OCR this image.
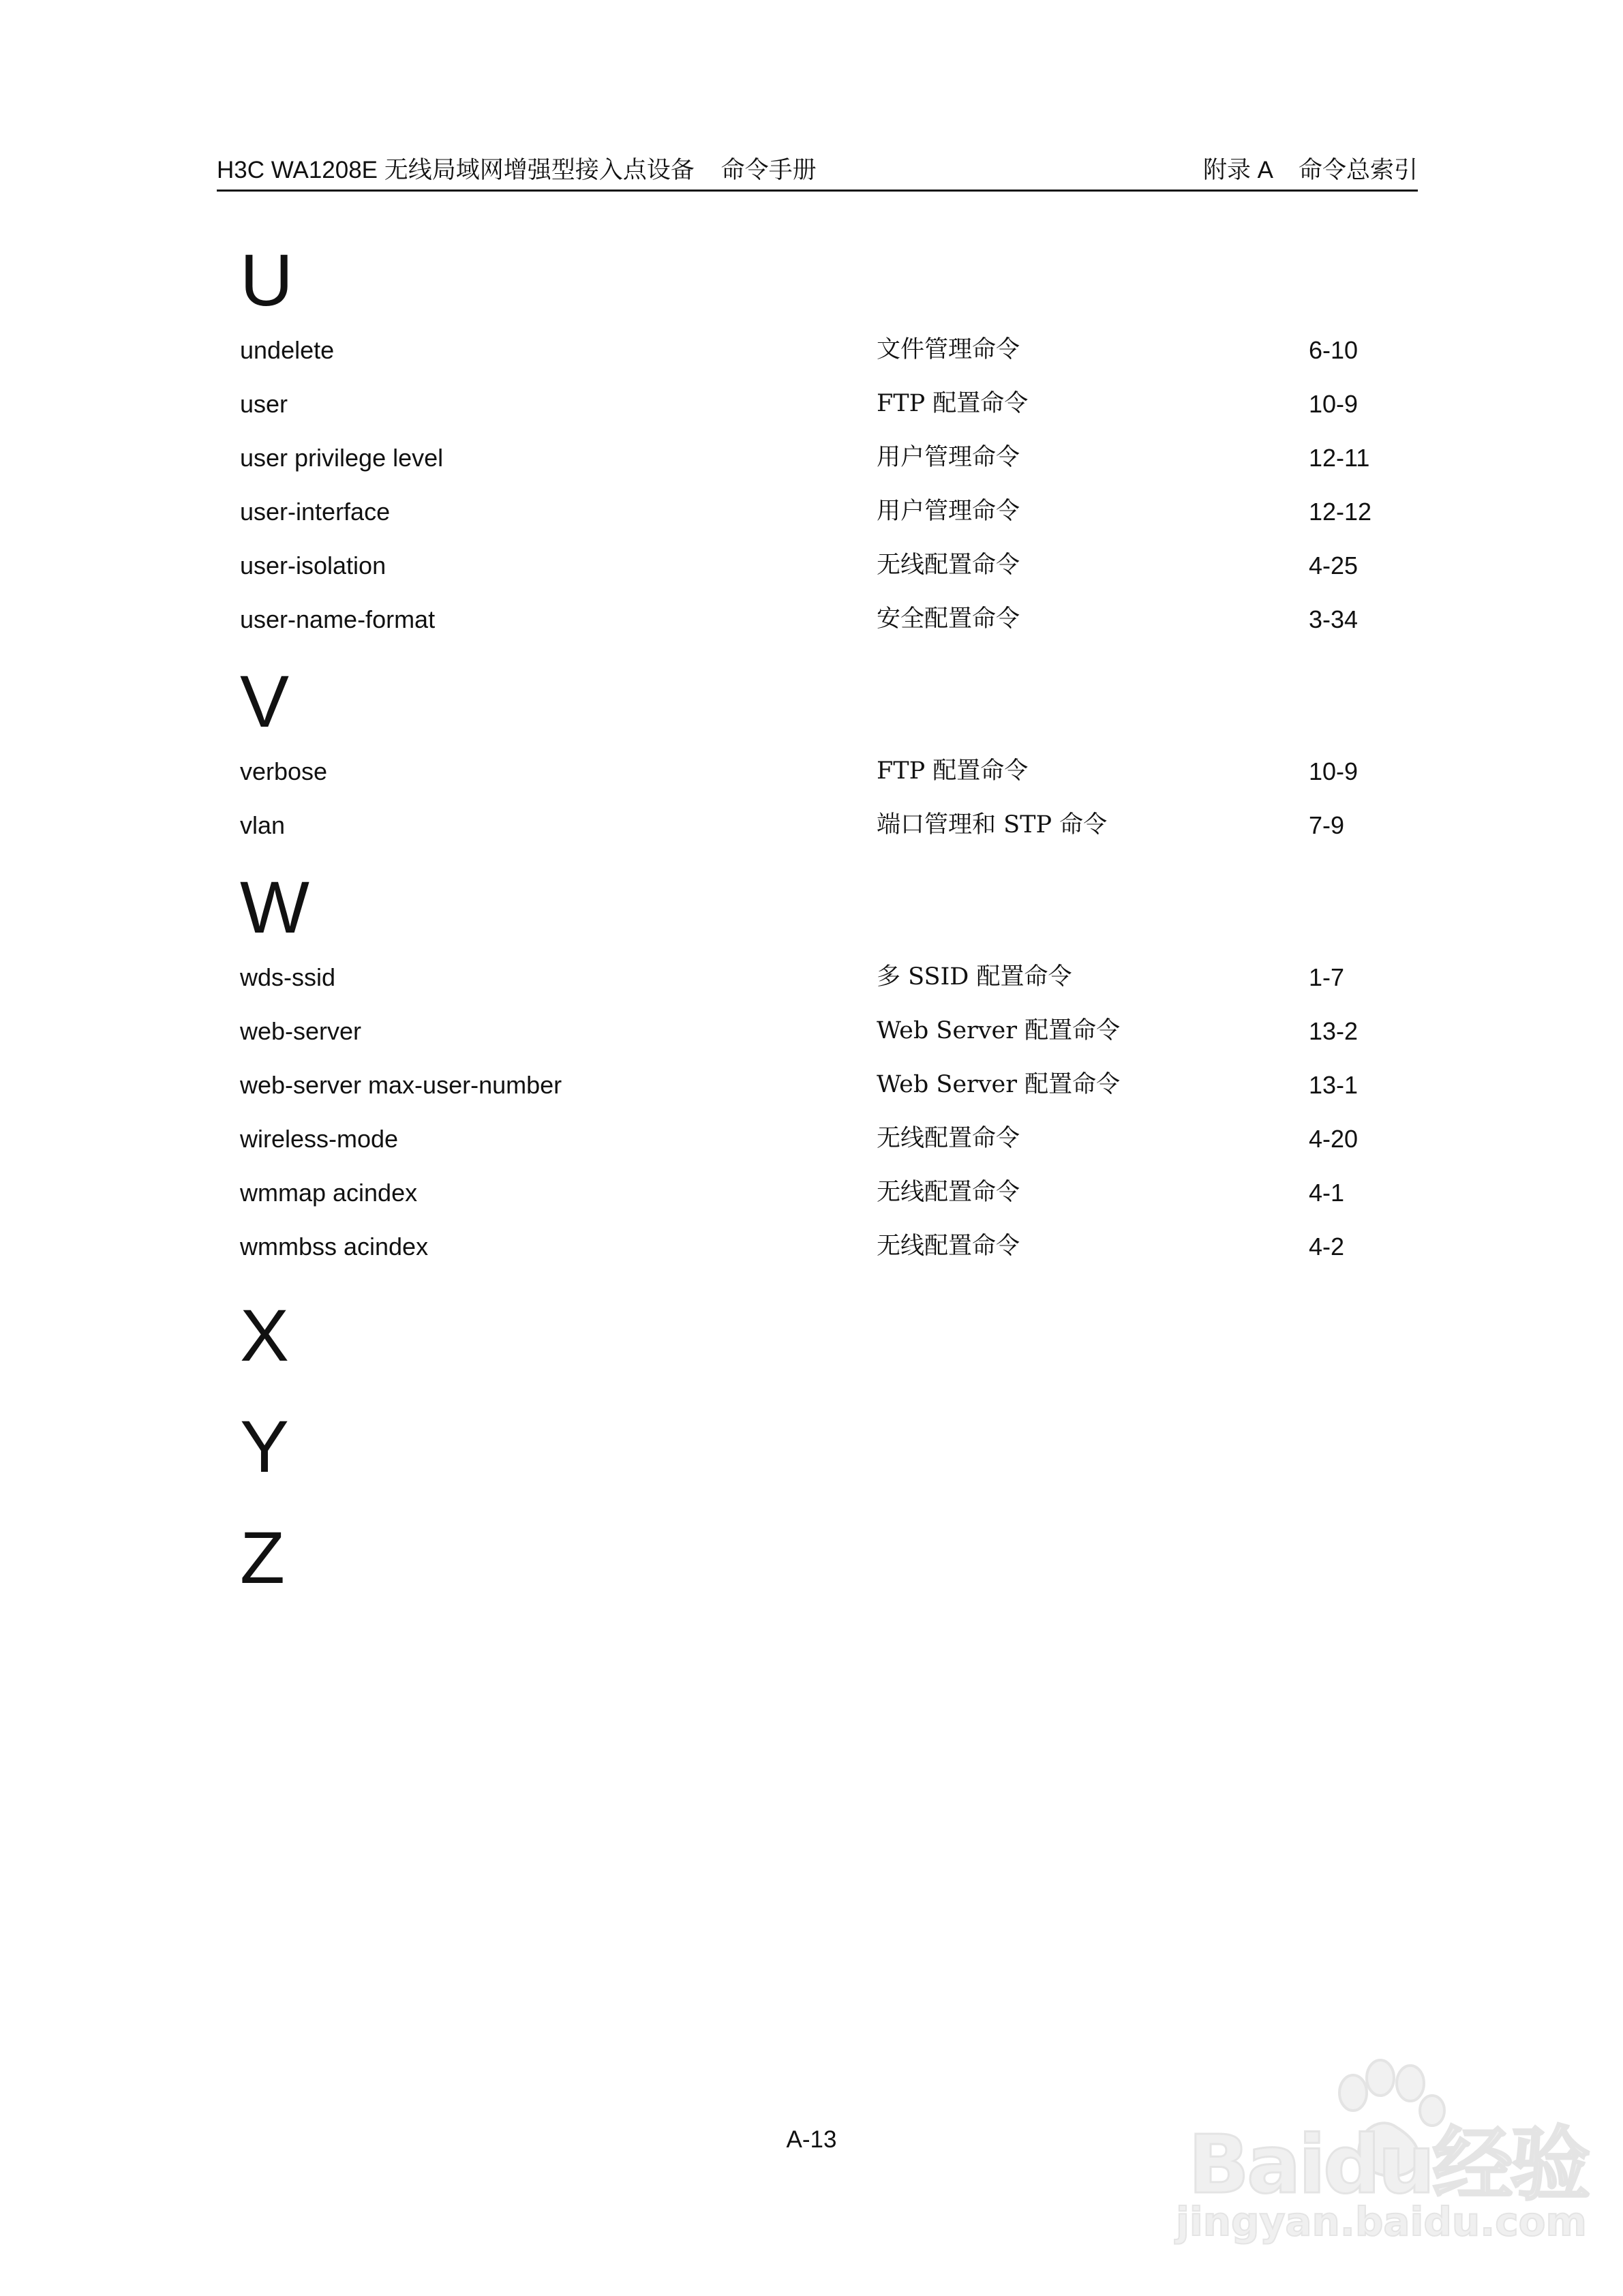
H3C WA1208E 无线局域网增强型接入点设备    命令手册	附录 A    命令总索引
U
undelete	文件管理命令	6-10
user	FTP 配置命令	10-9
user privilege level	用户管理命令	12-11
user-interface	用户管理命令	12-12
user-isolation	无线配置命令	4-25
user-name-format	安全配置命令	3-34
V
verbose	FTP 配置命令	10-9
vlan	端口管理和 STP 命令	7-9
W
wds-ssid	多 SSID 配置命令	1-7
web-server	Web Server 配置命令	13-2
web-server max-user-number	Web Server 配置命令	13-1
wireless-mode	无线配置命令	4-20
wmmap acindex	无线配置命令	4-1
wmmbss acindex	无线配置命令	4-2
X
Y
Z
A-13	Baidu经验
jingyan.baidu.com
